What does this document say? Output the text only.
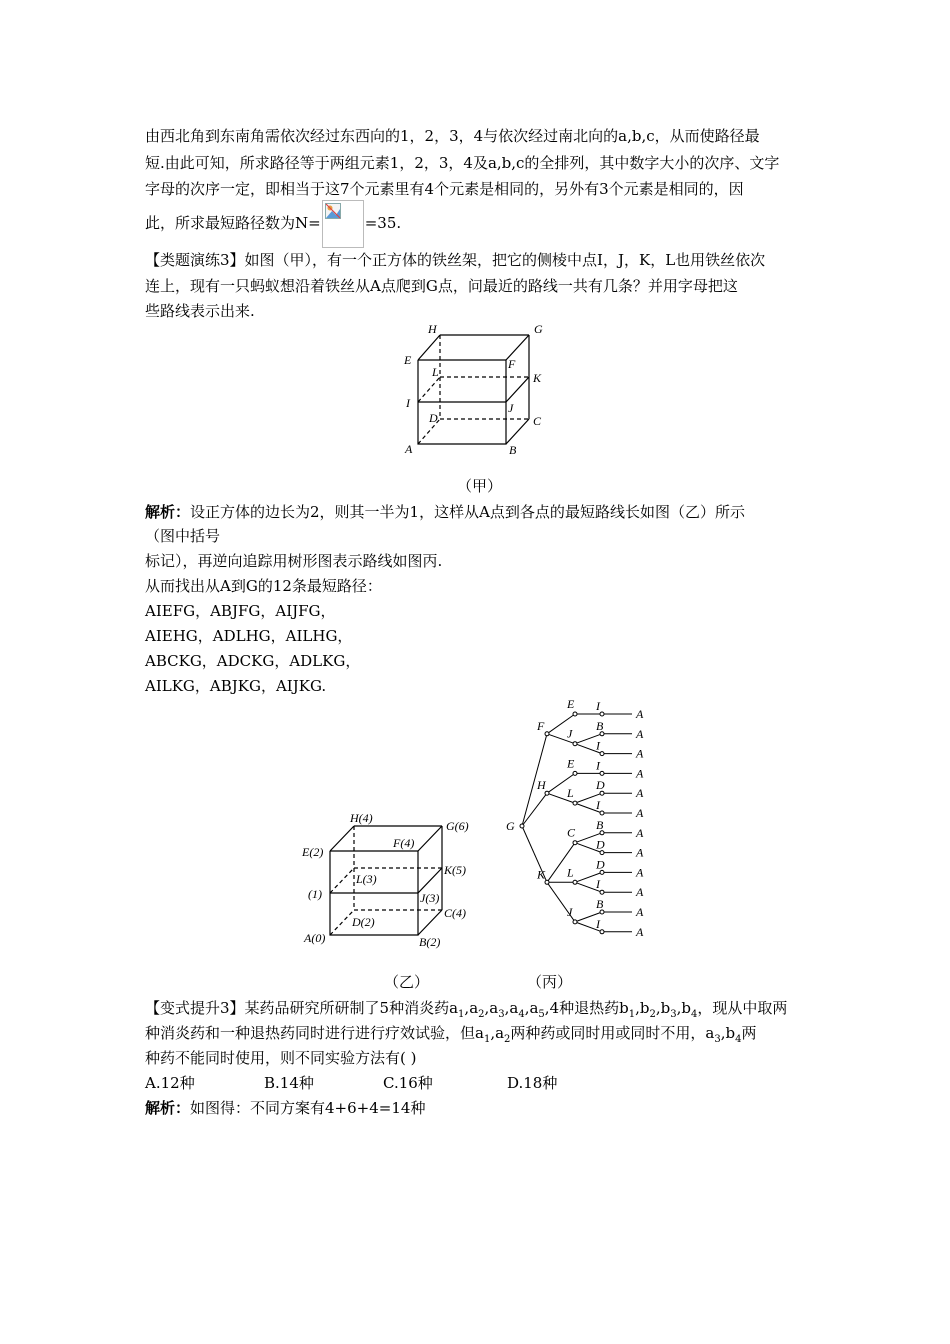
由西北角到东南角需依次经过东西向的1，2，3，4与依次经过南北向的a,b,c，从而使路径最
短.由此可知，所求路径等于两组元素1，2，3，4及a,b,c的全排列，其中数字大小的次序、文字
字母的次序一定，即相当于这7个元素里有4个元素是相同的，另外有3个元素是相同的，因
此，所求最短路径数为N=	=35.
【类题演练3】如图（甲），有一个正方体的铁丝架，把它的侧棱中点I，J，K，L也用铁丝依次
连上，现有一只蚂蚁想沿着铁丝从A点爬到G点，问最近的路线一共有几条？并用字母把这
些路线表示出来.
H	G
E	F
L	K
I	J
D	C
A	B
（甲）
解析：设正方体的边长为2，则其一半为1，这样从A点到各点的最短路线长如图（乙）所示
（图中括号
标记），再逆向追踪用树形图表示路线如图丙.
从而找出从A到G的12条最短路径：
AIEFG，ABJFG，AIJFG，
AIEHG，ADLHG，AILHG，
ABCKG，ADCKG，ADLKG，
AILKG，ABJKG，AIJKG.
H(4)
G(6)
E(2)
F(4)
K(5)
L(3)
(1)	J(3)
C(4)
A(0)
D(2)
B(2)
（乙）
I
A
E
B
A
I
A
J
F
I
A
E
D
A
I
A
L
H
B
A
D
A
C
D
A
I
A
L
B
A
I
A
J
K
G
（丙）
【变式提升3】某药品研究所研制了5种消炎药$a_1,a_2,a_3,a_4,a_5,4$种退热药$b_1,b_2,b_3,b_4$，现从中取两
种消炎药和一种退热药同时进行进行疗效试验，但$a_1,a_2$两种药或同时用或同时不用，$a_3,b_4$两
种药不能同时使用，则不同实验方法有( )
A.12种	B.14种	C.16种	D.18种
解析：如图得：不同方案有4+6+4=14种
